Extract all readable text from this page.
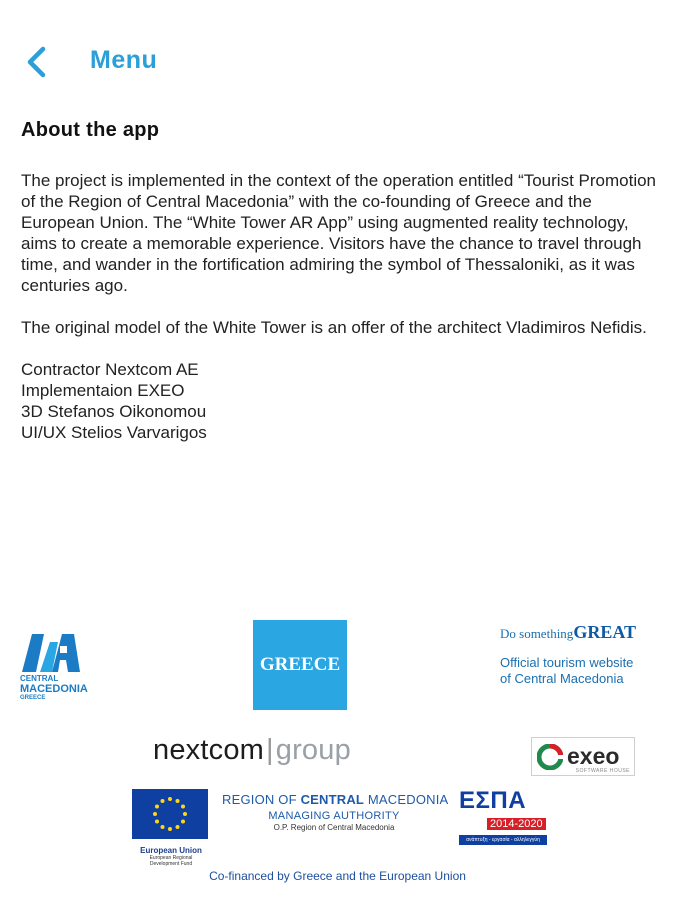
Menu
About the app

The project is implemented in the context of the operation entitled “Tourist Promotion of the Region of Central Macedonia” with the co-founding of Greece and the European Union. The “White Tower AR App” using augmented reality technology, aims to create a memorable experience. Visitors have the chance to travel through time, and wander in the fortification admiring the symbol of Thessaloniki, as it was centuries ago.

The original model of the White Tower is an offer of the architect Vladimiros Nefidis.

Contractor Nextcom AE
Implementaion EXEO
3D Stefanos Oikonomou
UI/UX Stelios Varvarigos
CENTRAL
MACEDONIA
GREECE
GREECE
Do somethingGREAT
Official tourism website
of Central Macedonia
nextcom|group	exeo
SOFTWARE HOUSE
European Union
European Regional
Development Fund
REGION OF CENTRAL MACEDONIA
MANAGING AUTHORITY
O.P. Region of Central Macedonia
ΕΣΠΑ
2014-2020
ανάπτυξη - εργασία - αλληλεγγύη
Co-financed by Greece and the European Union
